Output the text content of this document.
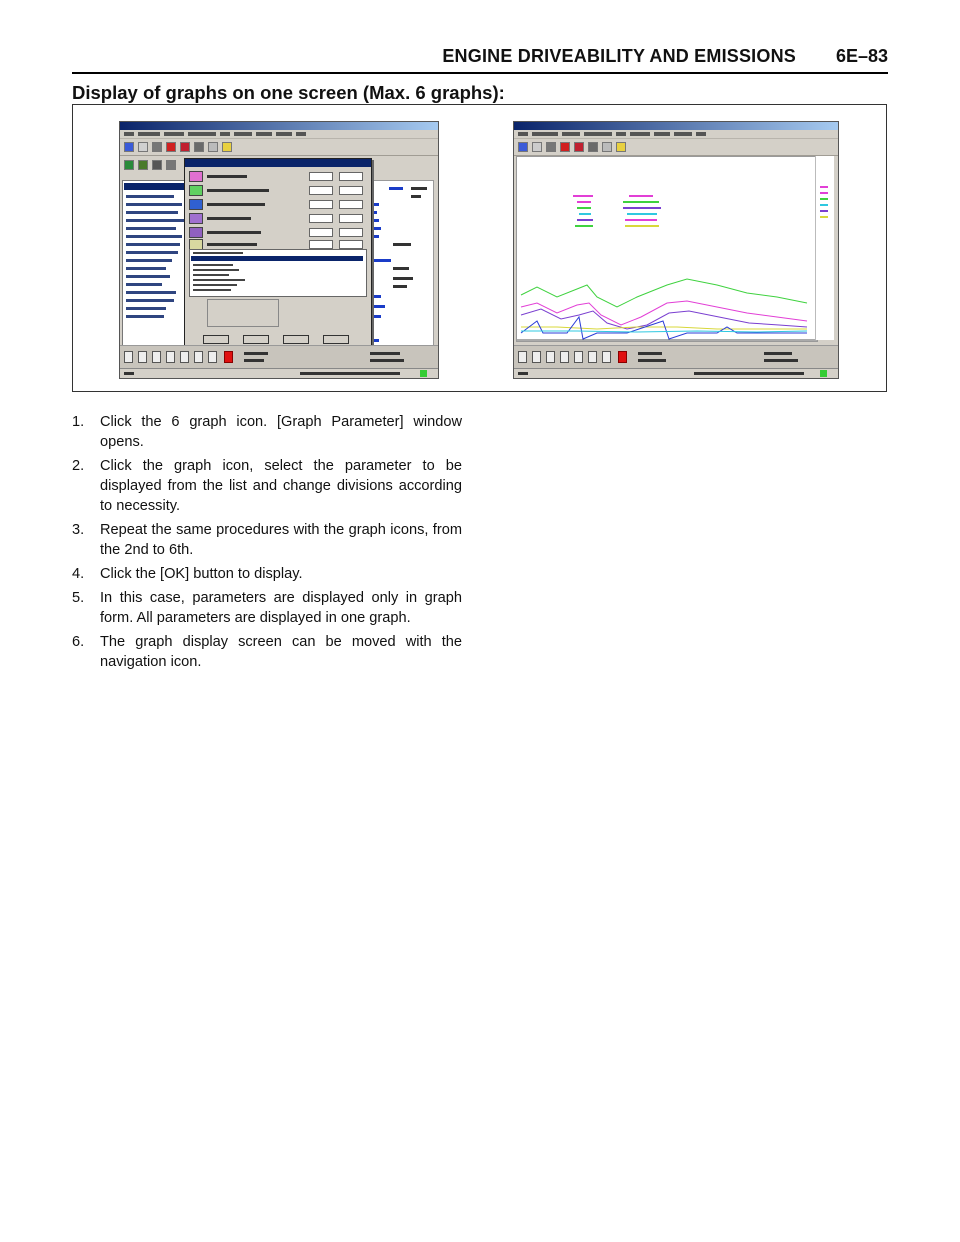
ENGINE DRIVEABILITY AND EMISSIONS 6E–83
Display of graphs on one screen (Max. 6 graphs):
1. Click the 6 graph icon. [Graph Parameter] window opens.
2. Click the graph icon, select the parameter to be displayed from the list and change divisions according to necessity.
3. Repeat the same procedures with the graph icons, from the 2nd to 6th.
4. Click the [OK] button to display.
5. In this case, parameters are displayed only in graph form. All parameters are displayed in one graph.
6. The graph display screen can be moved with the navigation icon.
